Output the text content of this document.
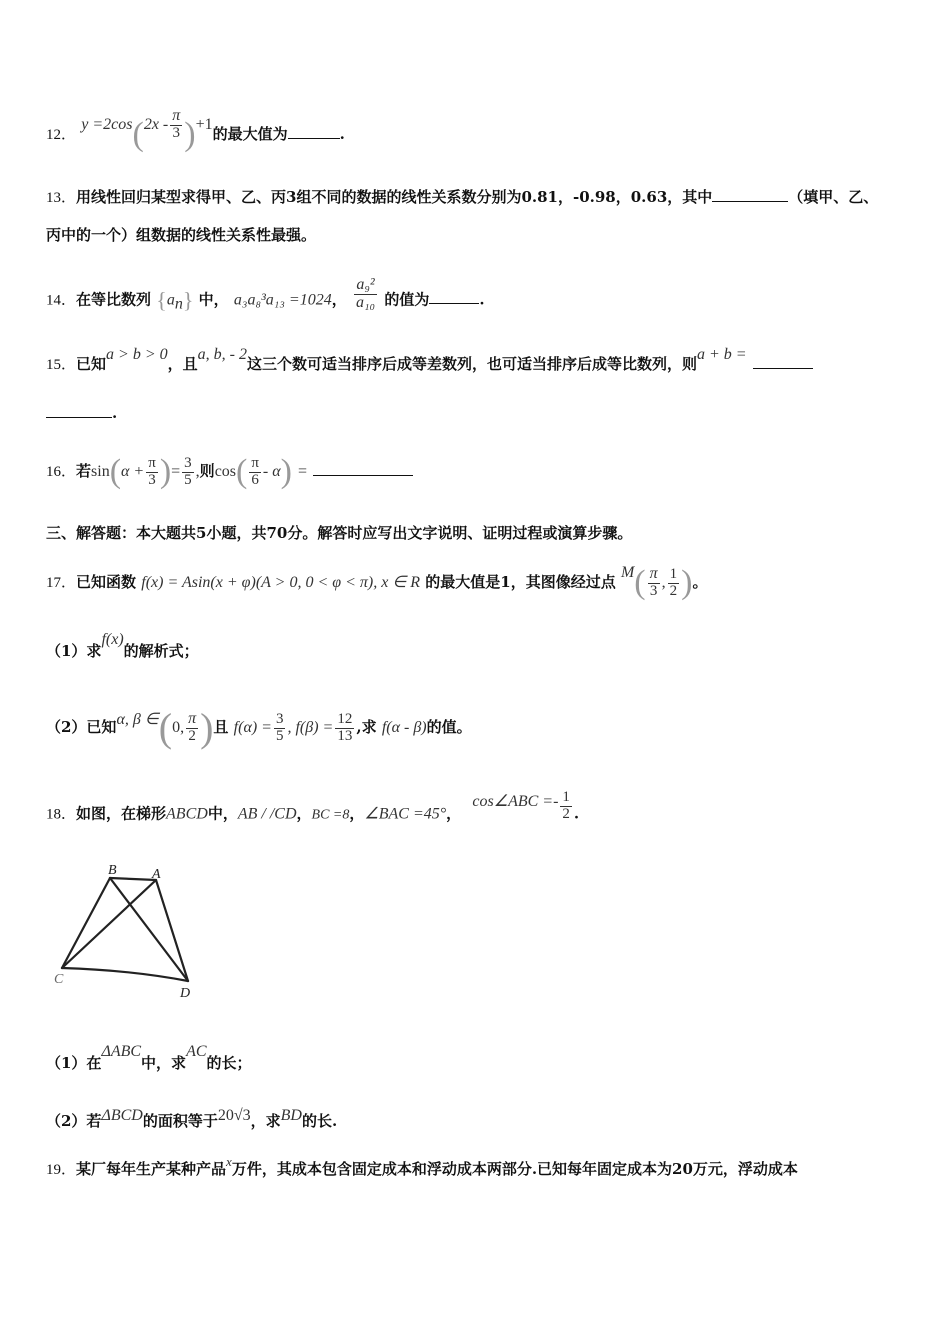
12． $y =2\cos(2x - \frac{\pi}{3} )+1$的最大值为	.
13．用线性回归某型求得甲、乙、丙3组不同的数据的线性关系数分别为0.81，-0.98，0.63，其中	（填甲、乙、
丙中的一个）组数据的线性关系性最强。
14．在等比数列 $\{a_n\}$ 中， a₃a₈³a₁₃ =1024， $\frac{\text{a₉²}}{\text{a₁₀}}$ 的值为	.
15．已知a > b > 0，且a, b, - 2这三个数可适当排序后成等差数列，也可适当排序后成等比数列，则a + b =
.
16．若$\sin(\alpha + \frac{\pi}{3}$ )= $\frac{3}{5}$ ,则$\cos( \frac{\pi}{6} - \alpha)$ =
三、解答题：本大题共5小题，共70分。解答时应写出文字说明、证明过程或演算步骤。
17．已知函数 f(x) = Asin(x + φ)(A > 0, 0 < φ < π), x ∈ R 的最大值是1，其图像经过点 $M( \frac{\pi}{3}$ , $\frac{1}{2}$ )。
（1）求f(x)的解析式；
（2）已知α, β ∈(0, $\frac{\pi}{2}$ )且 $f(\alpha) = \frac{3}{5}$ , $f(\beta) = \frac{12}{13}$ ,求 f(α - β)的值。
18．如图，在梯形ABCD中，AB / /CD，BC =8，∠BAC =45°， cos∠ABC =- $\frac{1}{2}$ .
B	A
C
D
（1）在ΔABC中，求AC的长；
（2）若ΔBCD的面积等于20√3，求BD的长.
19．某厂每年生产某种产品x万件，其成本包含固定成本和浮动成本两部分.已知每年固定成本为20万元，浮动成本
